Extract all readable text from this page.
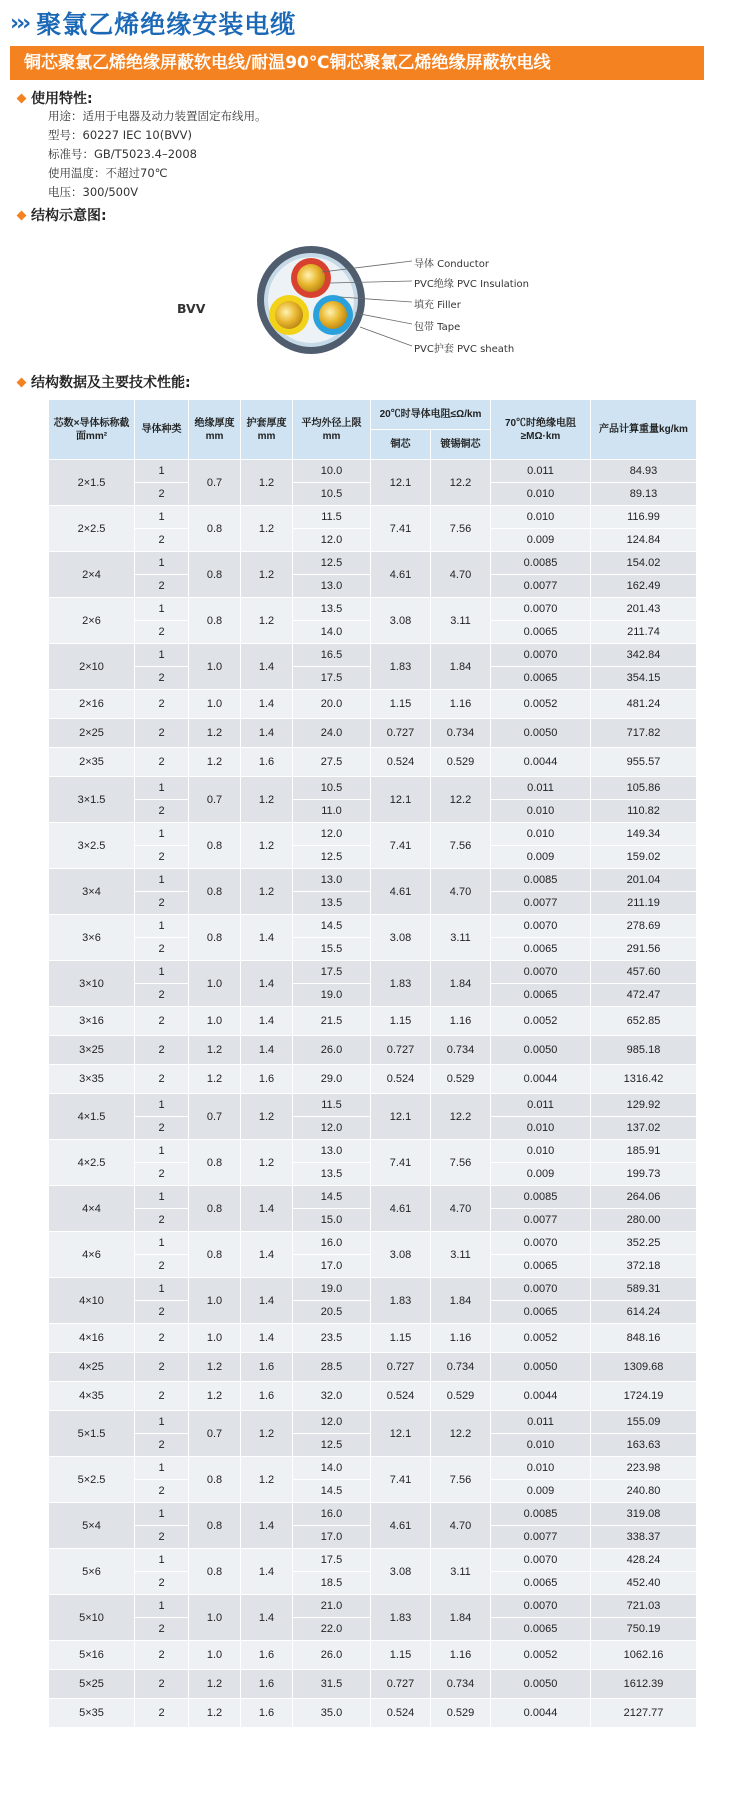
››› 聚氯乙烯绝缘安装电缆
铜芯聚氯乙烯绝缘屏蔽软电线/耐温90℃铜芯聚氯乙烯绝缘屏蔽软电线
使用特性:
用途：适用于电器及动力装置固定布线用。
型号：60227 IEC 10(BVV)
标准号：GB/T5023.4–2008
使用温度：不超过70℃
电压：300/500V
结构示意图:
BVV
导体 Conductor
PVC绝缘 PVC Insulation
填充 Filler
包带 Tape
PVC护套 PVC sheath
结构数据及主要技术性能:
芯数×导体标称截面mm²	导体种类	绝缘厚度mm	护套厚度mm	平均外径上限mm	20℃时导体电阻≤Ω/km		70℃时绝缘电阻≥MΩ·km	产品计算重量kg/km
					铜芯	镀锡铜芯		
2×1.5	1	0.7	1.2	10.0	12.1	12.2	0.011	84.93
	2			10.5			0.010	89.13
2×2.5	1	0.8	1.2	11.5	7.41	7.56	0.010	116.99
	2			12.0			0.009	124.84
2×4	1	0.8	1.2	12.5	4.61	4.70	0.0085	154.02
	2			13.0			0.0077	162.49
2×6	1	0.8	1.2	13.5	3.08	3.11	0.0070	201.43
	2			14.0			0.0065	211.74
2×10	1	1.0	1.4	16.5	1.83	1.84	0.0070	342.84
	2			17.5			0.0065	354.15
2×16	2	1.0	1.4	20.0	1.15	1.16	0.0052	481.24
2×25	2	1.2	1.4	24.0	0.727	0.734	0.0050	717.82
2×35	2	1.2	1.6	27.5	0.524	0.529	0.0044	955.57
3×1.5	1	0.7	1.2	10.5	12.1	12.2	0.011	105.86
	2			11.0			0.010	110.82
3×2.5	1	0.8	1.2	12.0	7.41	7.56	0.010	149.34
	2			12.5			0.009	159.02
3×4	1	0.8	1.2	13.0	4.61	4.70	0.0085	201.04
	2			13.5			0.0077	211.19
3×6	1	0.8	1.4	14.5	3.08	3.11	0.0070	278.69
	2			15.5			0.0065	291.56
3×10	1	1.0	1.4	17.5	1.83	1.84	0.0070	457.60
	2			19.0			0.0065	472.47
3×16	2	1.0	1.4	21.5	1.15	1.16	0.0052	652.85
3×25	2	1.2	1.4	26.0	0.727	0.734	0.0050	985.18
3×35	2	1.2	1.6	29.0	0.524	0.529	0.0044	1316.42
4×1.5	1	0.7	1.2	11.5	12.1	12.2	0.011	129.92
	2			12.0			0.010	137.02
4×2.5	1	0.8	1.2	13.0	7.41	7.56	0.010	185.91
	2			13.5			0.009	199.73
4×4	1	0.8	1.4	14.5	4.61	4.70	0.0085	264.06
	2			15.0			0.0077	280.00
4×6	1	0.8	1.4	16.0	3.08	3.11	0.0070	352.25
	2			17.0			0.0065	372.18
4×10	1	1.0	1.4	19.0	1.83	1.84	0.0070	589.31
	2			20.5			0.0065	614.24
4×16	2	1.0	1.4	23.5	1.15	1.16	0.0052	848.16
4×25	2	1.2	1.6	28.5	0.727	0.734	0.0050	1309.68
4×35	2	1.2	1.6	32.0	0.524	0.529	0.0044	1724.19
5×1.5	1	0.7	1.2	12.0	12.1	12.2	0.011	155.09
	2			12.5			0.010	163.63
5×2.5	1	0.8	1.2	14.0	7.41	7.56	0.010	223.98
	2			14.5			0.009	240.80
5×4	1	0.8	1.4	16.0	4.61	4.70	0.0085	319.08
	2			17.0			0.0077	338.37
5×6	1	0.8	1.4	17.5	3.08	3.11	0.0070	428.24
	2			18.5			0.0065	452.40
5×10	1	1.0	1.4	21.0	1.83	1.84	0.0070	721.03
	2			22.0			0.0065	750.19
5×16	2	1.0	1.6	26.0	1.15	1.16	0.0052	1062.16
5×25	2	1.2	1.6	31.5	0.727	0.734	0.0050	1612.39
5×35	2	1.2	1.6	35.0	0.524	0.529	0.0044	2127.77
